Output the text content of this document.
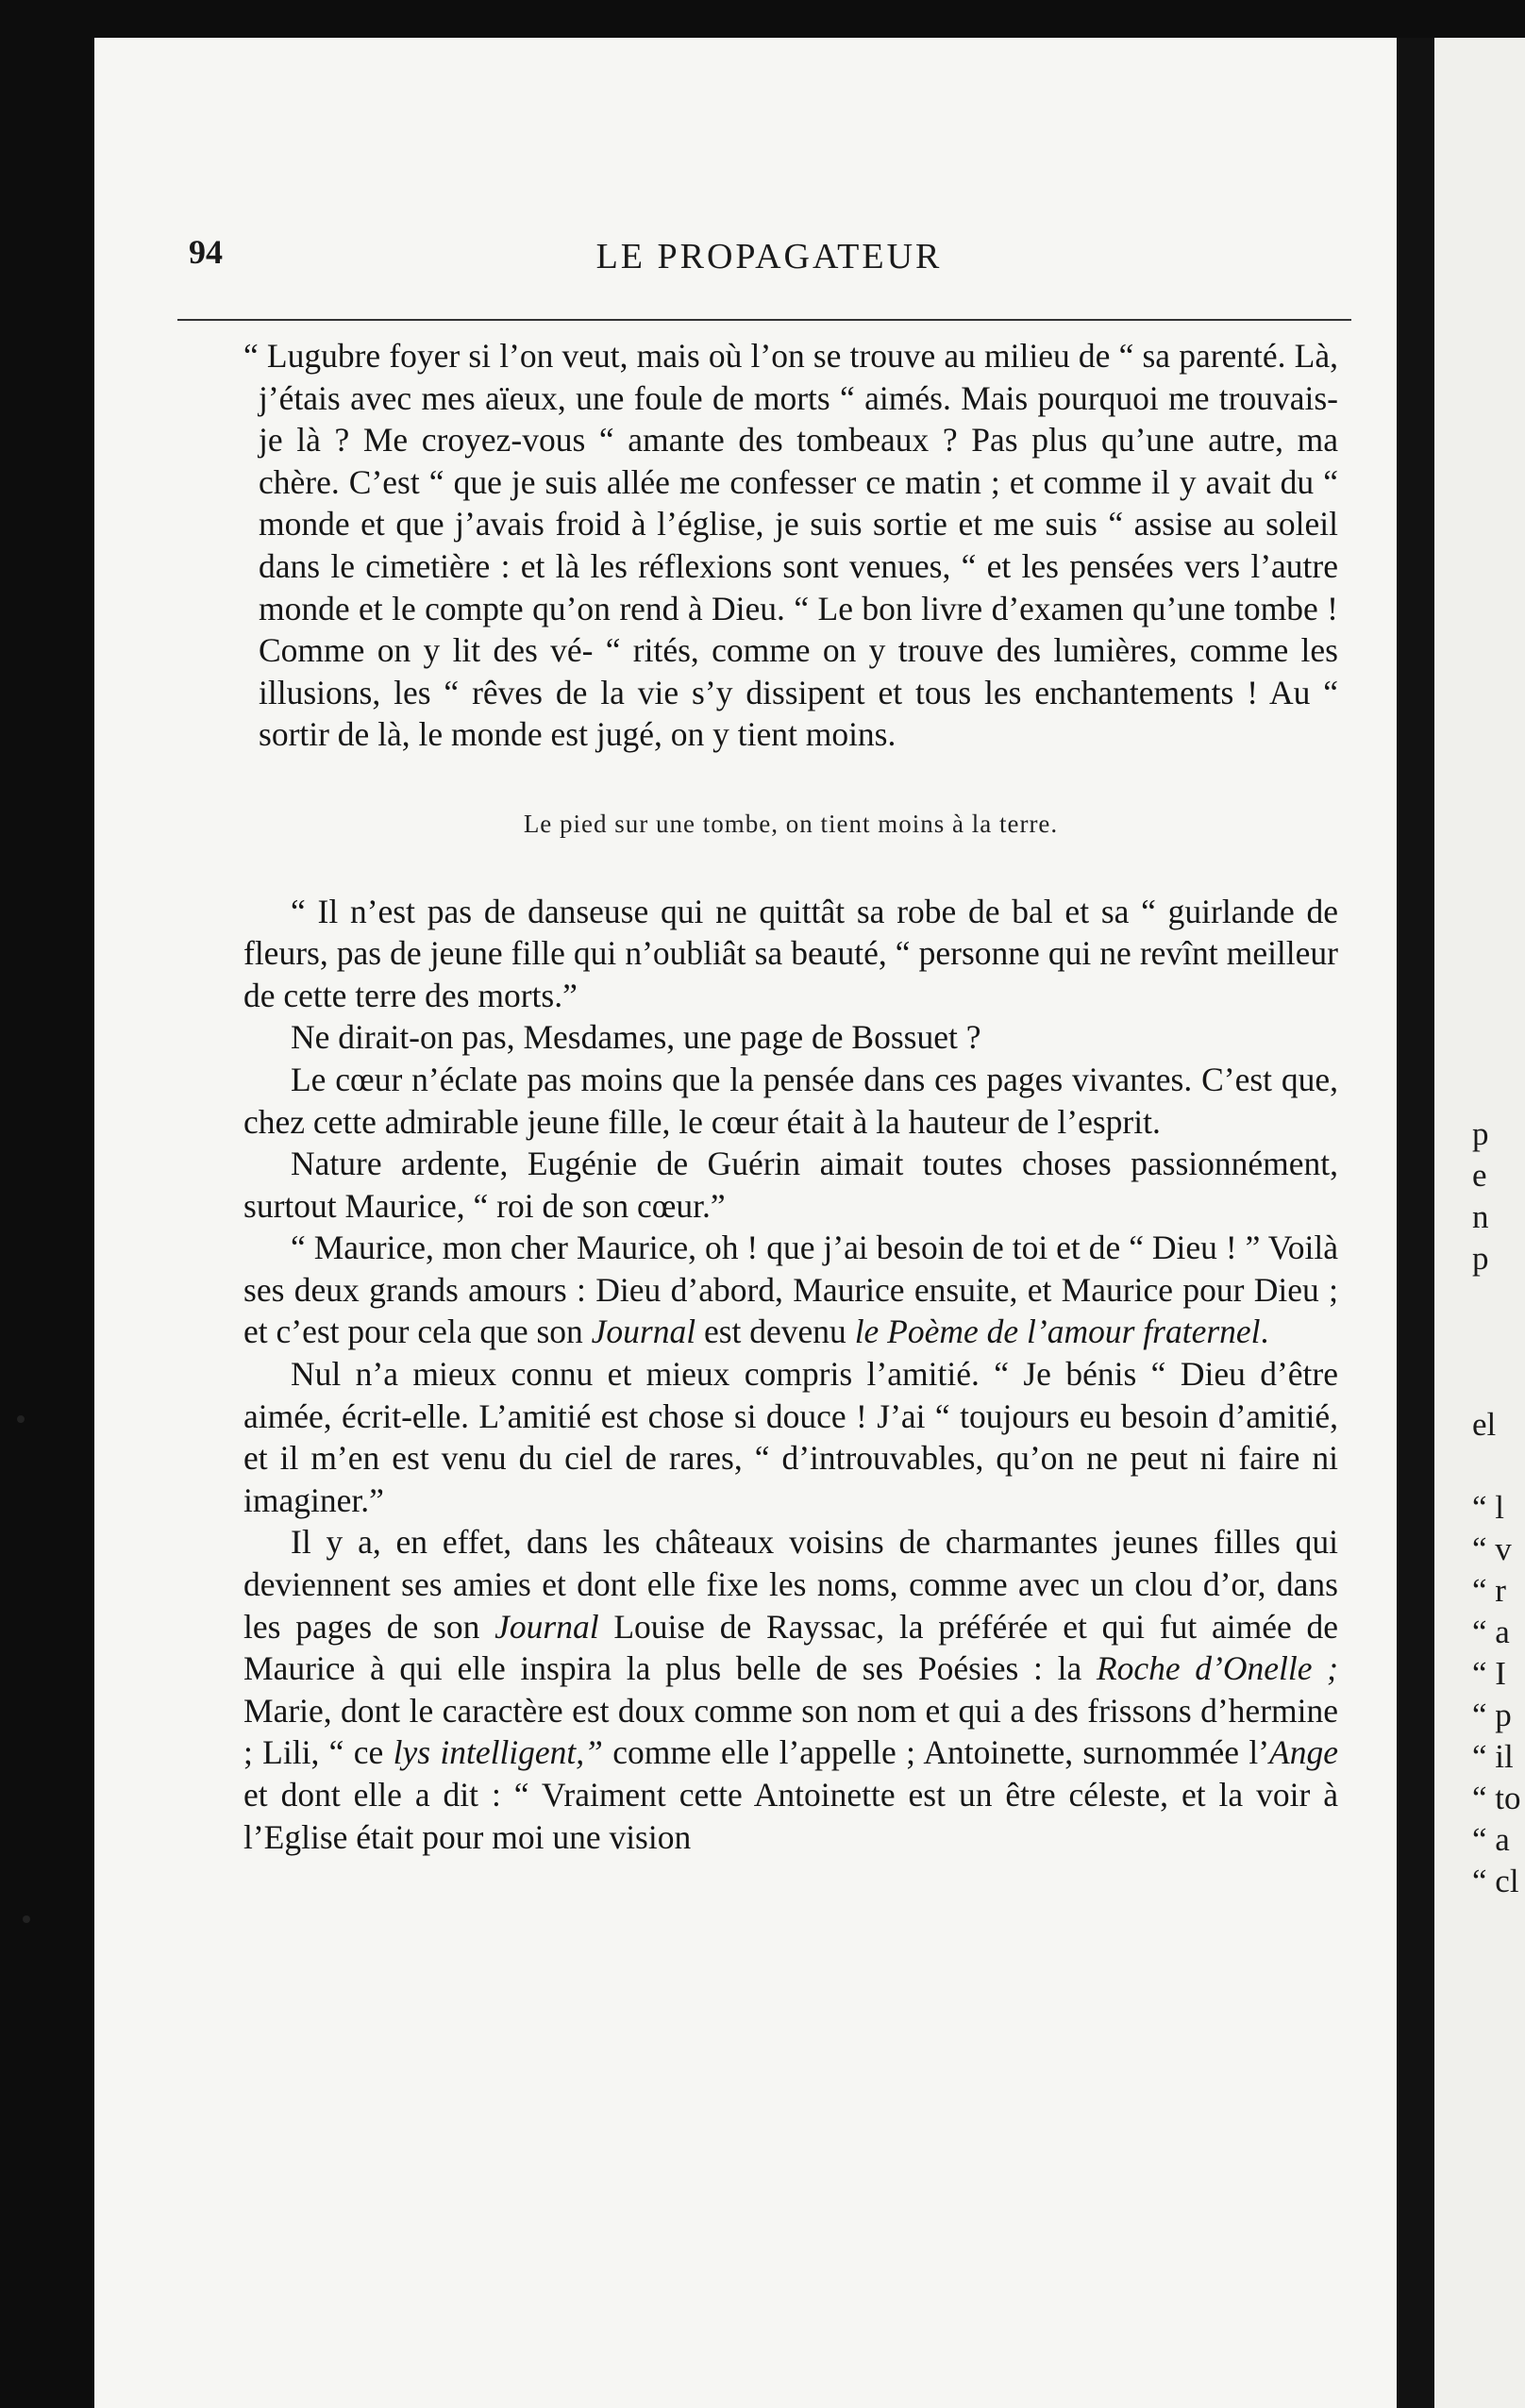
94	LE PROPAGATEUR

“ Lugubre foyer si l’on veut, mais où l’on se trouve au milieu de “ sa parenté. Là, j’étais avec mes aïeux, une foule de morts “ aimés. Mais pourquoi me trouvais-je là ? Me croyez-vous “ amante des tombeaux ? Pas plus qu’une autre, ma chère. C’est “ que je suis allée me confesser ce matin ; et comme il y avait du “ monde et que j’avais froid à l’église, je suis sortie et me suis “ assise au soleil dans le cimetière : et là les réflexions sont venues, “ et les pensées vers l’autre monde et le compte qu’on rend à Dieu. “ Le bon livre d’examen qu’une tombe ! Comme on y lit des vé- “ rités, comme on y trouve des lumières, comme les illusions, les “ rêves de la vie s’y dissipent et tous les enchantements ! Au “ sortir de là, le monde est jugé, on y tient moins.

Le pied sur une tombe, on tient moins à la terre.

“ Il n’est pas de danseuse qui ne quittât sa robe de bal et sa “ guirlande de fleurs, pas de jeune fille qui n’oubliât sa beauté, “ personne qui ne revînt meilleur de cette terre des morts.”

Ne dirait-on pas, Mesdames, une page de Bossuet ?

Le cœur n’éclate pas moins que la pensée dans ces pages vivantes. C’est que, chez cette admirable jeune fille, le cœur était à la hauteur de l’esprit.

Nature ardente, Eugénie de Guérin aimait toutes choses passionnément, surtout Maurice, “ roi de son cœur.”

“ Maurice, mon cher Maurice, oh ! que j’ai besoin de toi et de “ Dieu ! ” Voilà ses deux grands amours : Dieu d’abord, Maurice ensuite, et Maurice pour Dieu ; et c’est pour cela que son Journal est devenu le Poème de l’amour fraternel.

Nul n’a mieux connu et mieux compris l’amitié. “ Je bénis “ Dieu d’être aimée, écrit-elle. L’amitié est chose si douce ! J’ai “ toujours eu besoin d’amitié, et il m’en est venu du ciel de rares, “ d’introuvables, qu’on ne peut ni faire ni imaginer.”

Il y a, en effet, dans les châteaux voisins de charmantes jeunes filles qui deviennent ses amies et dont elle fixe les noms, comme avec un clou d’or, dans les pages de son Journal Louise de Rayssac, la préférée et qui fut aimée de Maurice à qui elle inspira la plus belle de ses Poésies : la Roche d’Onelle ; Marie, dont le caractère est doux comme son nom et qui a des frissons d’hermine ; Lili, “ ce lys intelligent,” comme elle l’appelle ; Antoinette, surnommée l’Ange et dont elle a dit : “ Vraiment cette Antoinette est un être céleste, et la voir à l’Eglise était pour moi une vision

p
e
n
p
el
“ l
“ v
“ r
“ a
“ I
“ p
“ il
“ to
“ a
“ cl
